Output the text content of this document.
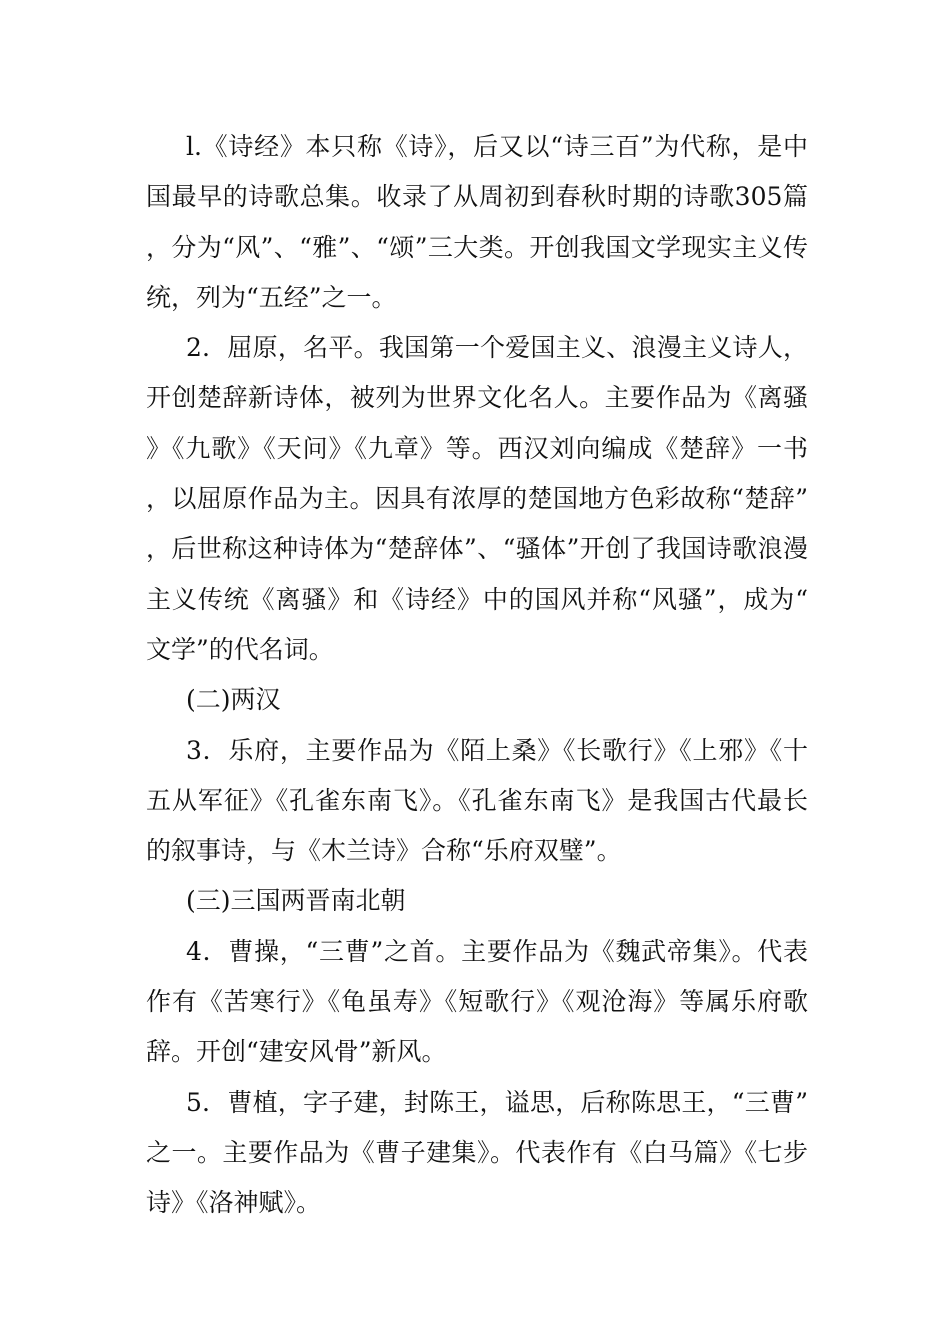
l.《诗经》本只称《诗》，后又以“诗三百”为代称，是中国最早的诗歌总集。收录了从周初到春秋时期的诗歌305篇，分为“风”、“雅”、“颂”三大类。开创我国文学现实主义传统，列为“五经”之一。

2．屈原，名平。我国第一个爱国主义、浪漫主义诗人，开创楚辞新诗体，被列为世界文化名人。主要作品为《离骚》《九歌》《天问》《九章》等。西汉刘向编成《楚辞》一书，以屈原作品为主。因具有浓厚的楚国地方色彩故称“楚辞”，后世称这种诗体为“楚辞体”、“骚体”开创了我国诗歌浪漫主义传统《离骚》和《诗经》中的国风并称“风骚”，成为“文学”的代名词。

(二)两汉

3．乐府，主要作品为《陌上桑》《长歌行》《上邪》《十五从军征》《孔雀东南飞》。《孔雀东南飞》是我国古代最长的叙事诗，与《木兰诗》合称“乐府双璧”。

(三)三国两晋南北朝

4．曹操，“三曹”之首。主要作品为《魏武帝集》。代表作有《苦寒行》《龟虽寿》《短歌行》《观沧海》等属乐府歌辞。开创“建安风骨”新风。

5．曹植，字子建，封陈王，谥思，后称陈思王，“三曹”之一。主要作品为《曹子建集》。代表作有《白马篇》《七步诗》《洛神赋》。
